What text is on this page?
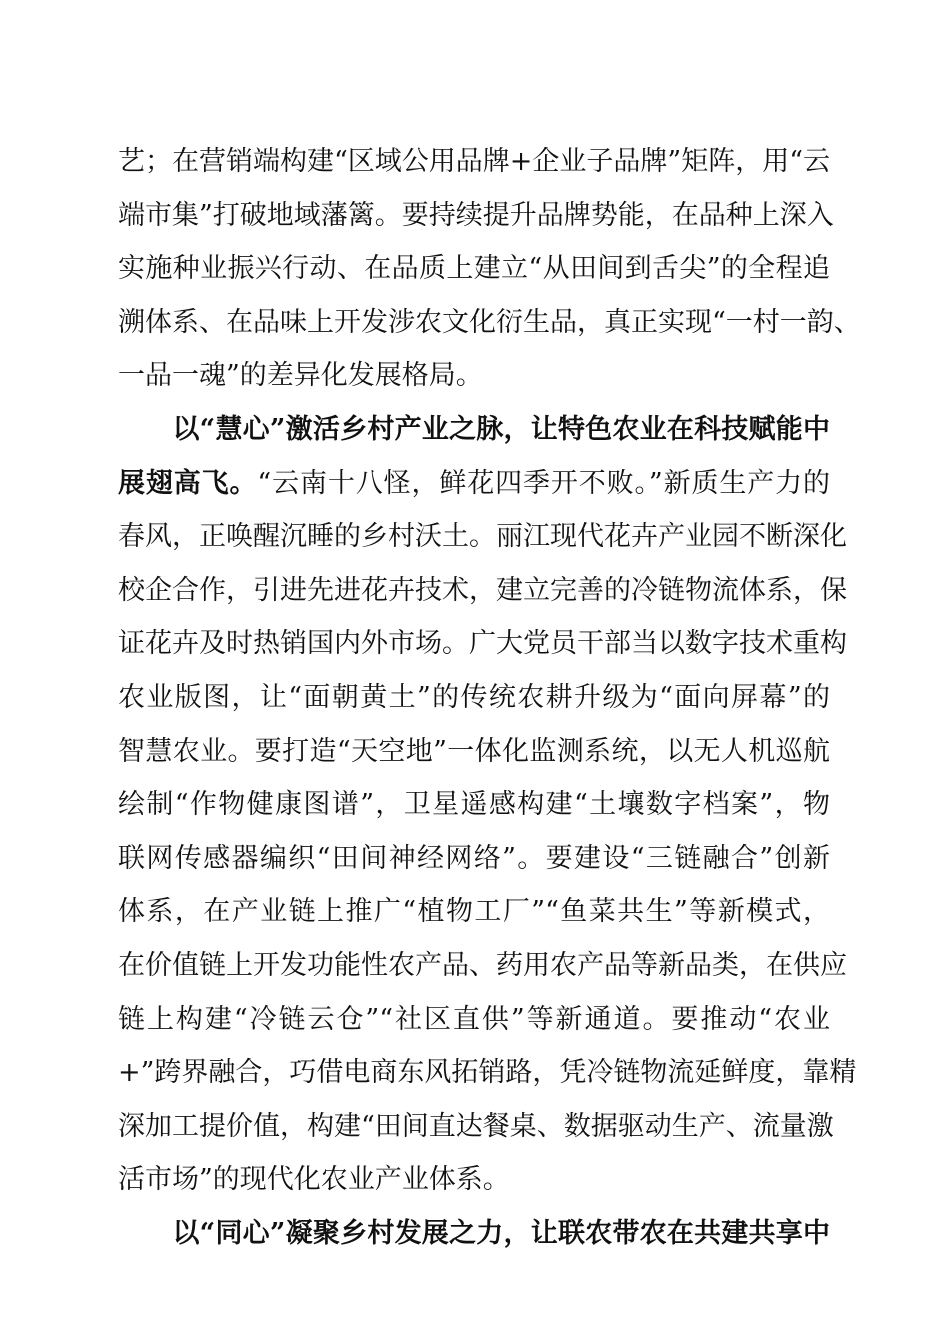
艺；在营销端构建“区域公用品牌+企业子品牌”矩阵，用“云
端市集”打破地域藩篱。要持续提升品牌势能，在品种上深入
实施种业振兴行动、在品质上建立“从田间到舌尖”的全程追
溯体系、在品味上开发涉农文化衍生品，真正实现“一村一韵、
一品一魂”的差异化发展格局。
　　以“慧心”激活乡村产业之脉，让特色农业在科技赋能中
展翅高飞。“云南十八怪，鲜花四季开不败。”新质生产力的
春风，正唤醒沉睡的乡村沃土。丽江现代花卉产业园不断深化
校企合作，引进先进花卉技术，建立完善的冷链物流体系，保
证花卉及时热销国内外市场。广大党员干部当以数字技术重构
农业版图，让“面朝黄土”的传统农耕升级为“面向屏幕”的
智慧农业。要打造“天空地”一体化监测系统，以无人机巡航
绘制“作物健康图谱”，卫星遥感构建“土壤数字档案”，物
联网传感器编织“田间神经网络”。要建设“三链融合”创新
体系，在产业链上推广“植物工厂”“鱼菜共生”等新模式，
在价值链上开发功能性农产品、药用农产品等新品类，在供应
链上构建“冷链云仓”“社区直供”等新通道。要推动“农业
+”跨界融合，巧借电商东风拓销路，凭冷链物流延鲜度，靠精
深加工提价值，构建“田间直达餐桌、数据驱动生产、流量激
活市场”的现代化农业产业体系。
　　以“同心”凝聚乡村发展之力，让联农带农在共建共享中
